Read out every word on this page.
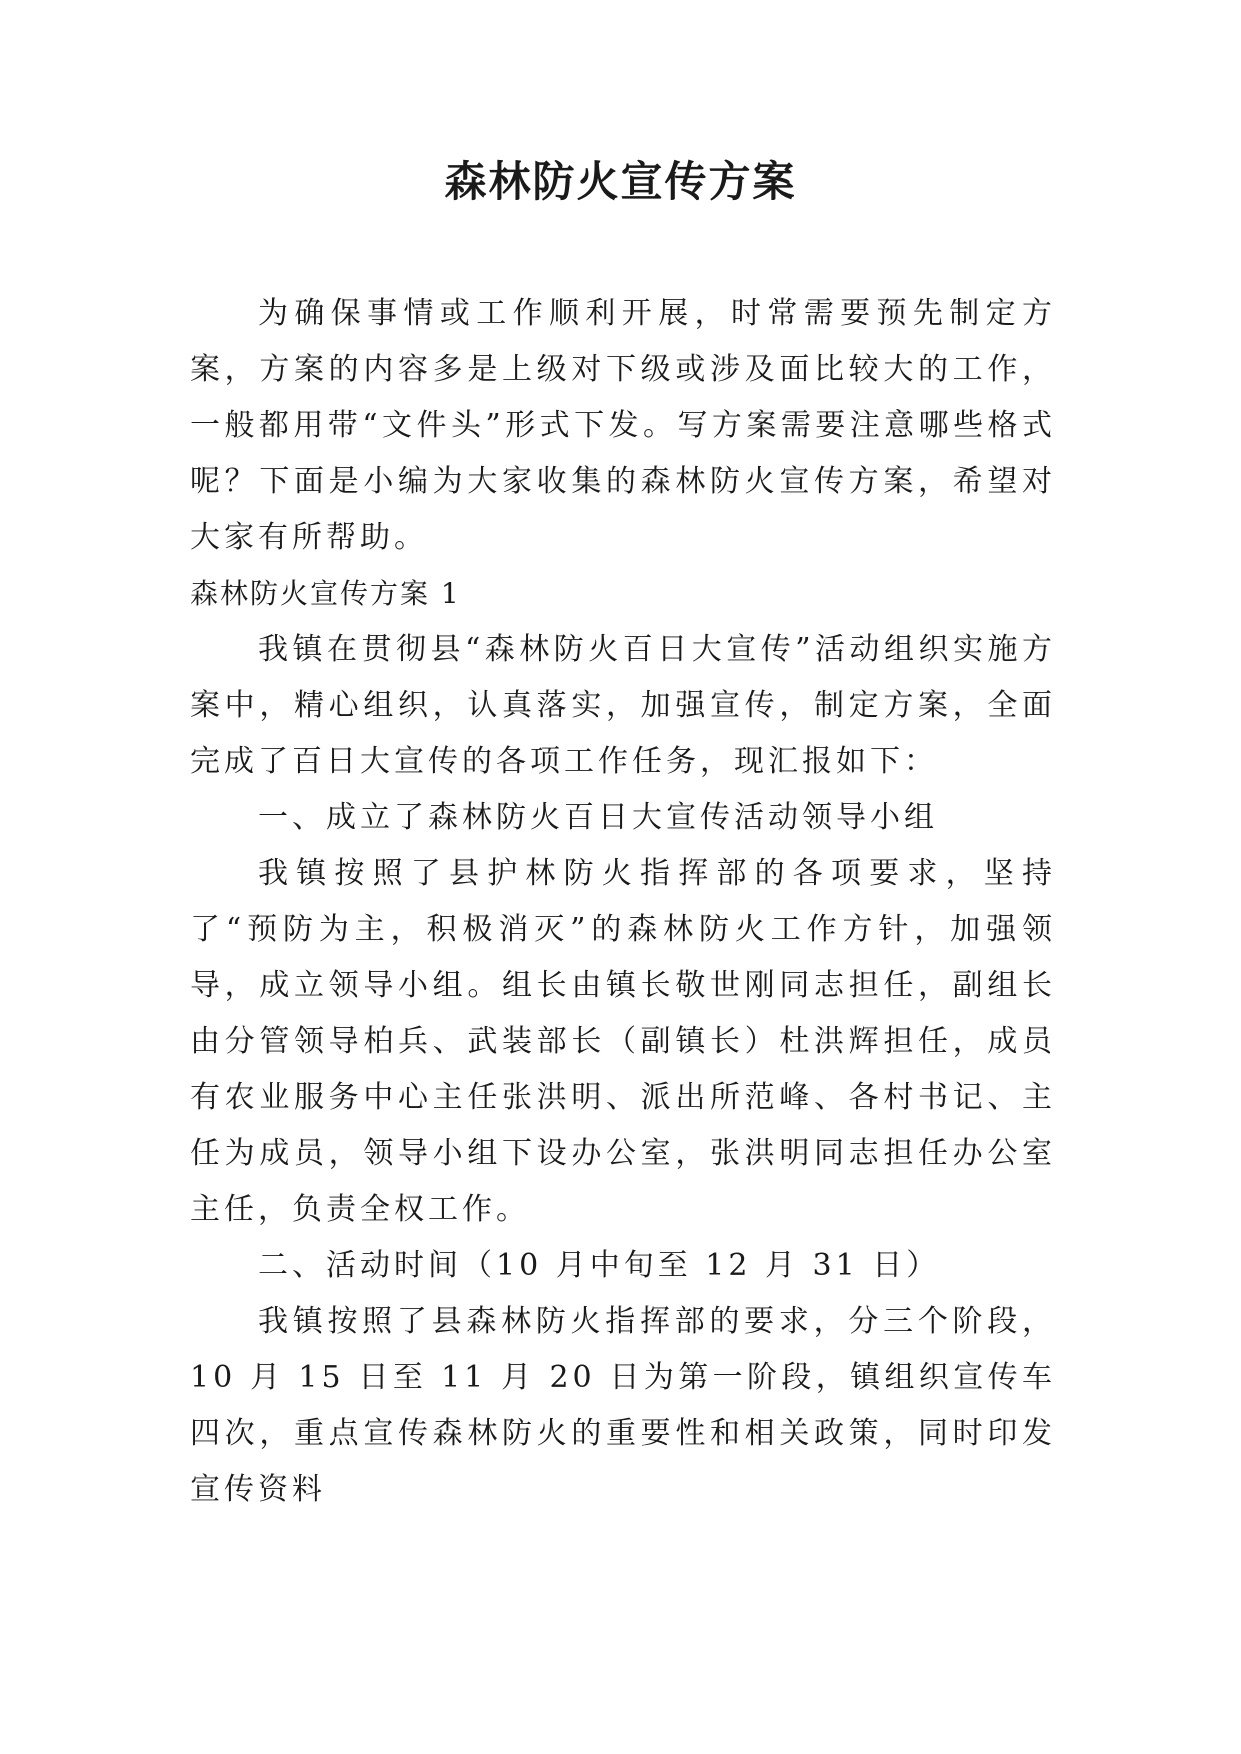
森林防火宣传方案

为确保事情或工作顺利开展，时常需要预先制定方案，方案的内容多是上级对下级或涉及面比较大的工作，一般都用带“文件头”形式下发。写方案需要注意哪些格式呢？下面是小编为大家收集的森林防火宣传方案，希望对大家有所帮助。

森林防火宣传方案 1

我镇在贯彻县“森林防火百日大宣传”活动组织实施方案中，精心组织，认真落实，加强宣传，制定方案，全面完成了百日大宣传的各项工作任务，现汇报如下：

一、成立了森林防火百日大宣传活动领导小组

我镇按照了县护林防火指挥部的各项要求，坚持了“预防为主，积极消灭”的森林防火工作方针，加强领导，成立领导小组。组长由镇长敬世刚同志担任，副组长由分管领导柏兵、武装部长（副镇长）杜洪辉担任，成员有农业服务中心主任张洪明、派出所范峰、各村书记、主任为成员，领导小组下设办公室，张洪明同志担任办公室主任，负责全权工作。

二、活动时间（10 月中旬至 12 月 31 日）

我镇按照了县森林防火指挥部的要求，分三个阶段，10 月 15 日至 11 月 20 日为第一阶段，镇组织宣传车四次，重点宣传森林防火的重要性和相关政策，同时印发宣传资料
